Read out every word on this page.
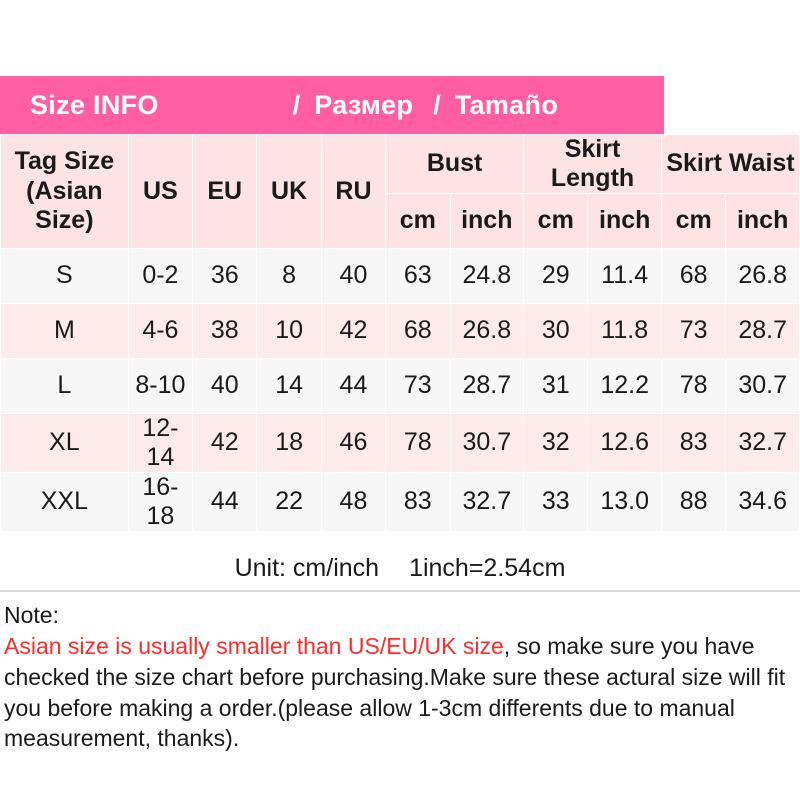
Size INFO	/ Размер / Tamaño
Tag Size (Asian Size)	US	EU	UK	RU	Bust		Skirt Length		Skirt Waist	
					cm	inch	cm	inch	cm	inch
S	0-2	36	8	40	63	24.8	29	11.4	68	26.8
M	4-6	38	10	42	68	26.8	30	11.8	73	28.7
L	8-10	40	14	44	73	28.7	31	12.2	78	30.7
XL	12-14	42	18	46	78	30.7	32	12.6	83	32.7
XXL	16-18	44	22	48	83	32.7	33	13.0	88	34.6
Unit: cm/inch 1inch=2.54cm
Note:
Asian size is usually smaller than US/EU/UK size, so make sure you have checked the size chart before purchasing.Make sure these actural size will fit you before making a order.(please allow 1-3cm differents due to manual measurement, thanks).
